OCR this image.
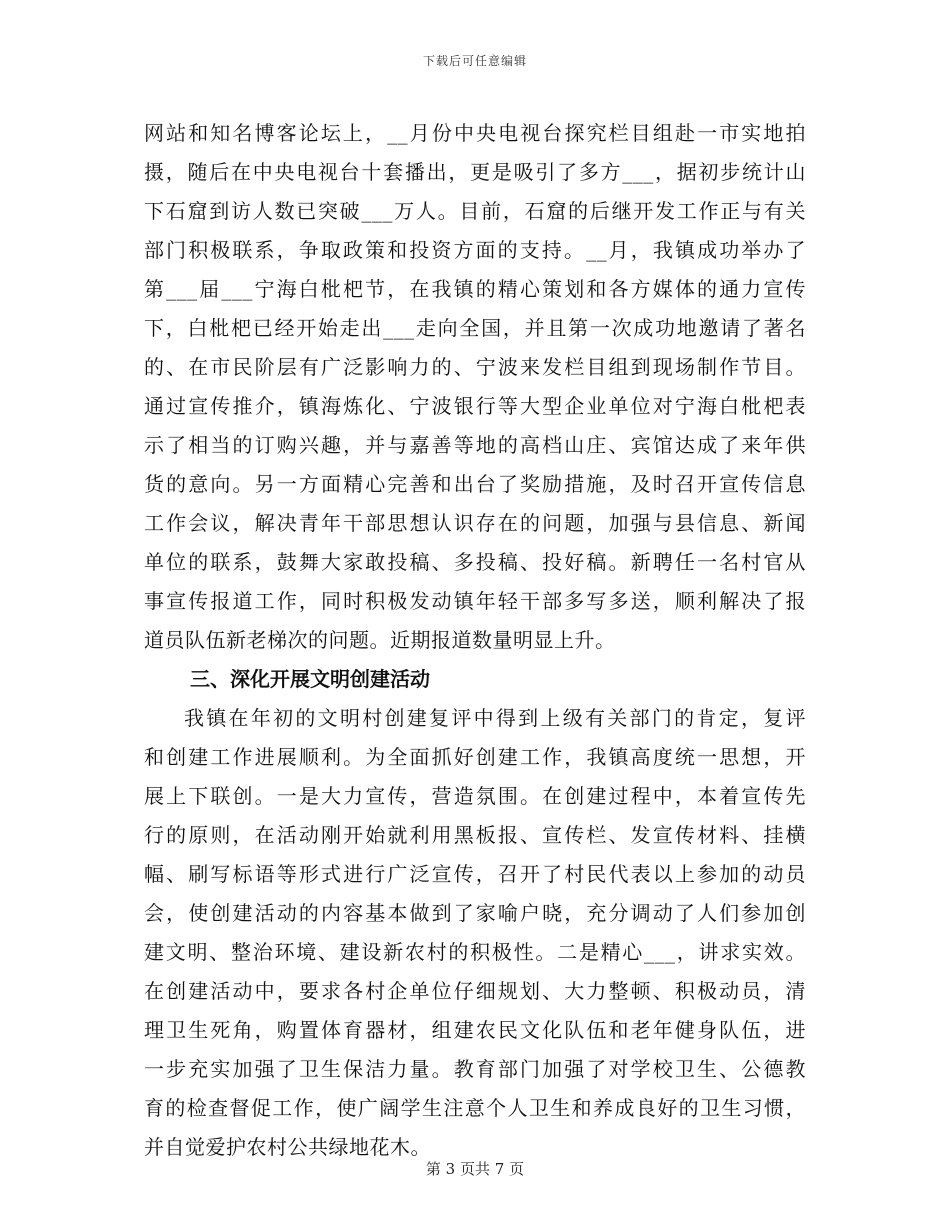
下载后可任意编辑
网站和知名博客论坛上，__月份中央电视台探究栏目组赴一市实地拍
摄，随后在中央电视台十套播出，更是吸引了多方___，据初步统计山
下石窟到访人数已突破___万人。目前，石窟的后继开发工作正与有关
部门积极联系，争取政策和投资方面的支持。__月，我镇成功举办了
第___届___宁海白枇杷节，在我镇的精心策划和各方媒体的通力宣传
下，白枇杷已经开始走出___走向全国，并且第一次成功地邀请了著名
的、在市民阶层有广泛影响力的、宁波来发栏目组到现场制作节目。
通过宣传推介，镇海炼化、宁波银行等大型企业单位对宁海白枇杷表
示了相当的订购兴趣，并与嘉善等地的高档山庄、宾馆达成了来年供
货的意向。另一方面精心完善和出台了奖励措施，及时召开宣传信息
工作会议，解决青年干部思想认识存在的问题，加强与县信息、新闻
单位的联系，鼓舞大家敢投稿、多投稿、投好稿。新聘任一名村官从
事宣传报道工作，同时积极发动镇年轻干部多写多送，顺利解决了报
道员队伍新老梯次的问题。近期报道数量明显上升。
三、深化开展文明创建活动
我镇在年初的文明村创建复评中得到上级有关部门的肯定，复评
和创建工作进展顺利。为全面抓好创建工作，我镇高度统一思想，开
展上下联创。一是大力宣传，营造氛围。在创建过程中，本着宣传先
行的原则，在活动刚开始就利用黑板报、宣传栏、发宣传材料、挂横
幅、刷写标语等形式进行广泛宣传，召开了村民代表以上参加的动员
会，使创建活动的内容基本做到了家喻户晓，充分调动了人们参加创
建文明、整治环境、建设新农村的积极性。二是精心___，讲求实效。
在创建活动中，要求各村企单位仔细规划、大力整顿、积极动员，清
理卫生死角，购置体育器材，组建农民文化队伍和老年健身队伍，进
一步充实加强了卫生保洁力量。教育部门加强了对学校卫生、公德教
育的检查督促工作，使广阔学生注意个人卫生和养成良好的卫生习惯，
并自觉爱护农村公共绿地花木。
第 3 页共 7 页
